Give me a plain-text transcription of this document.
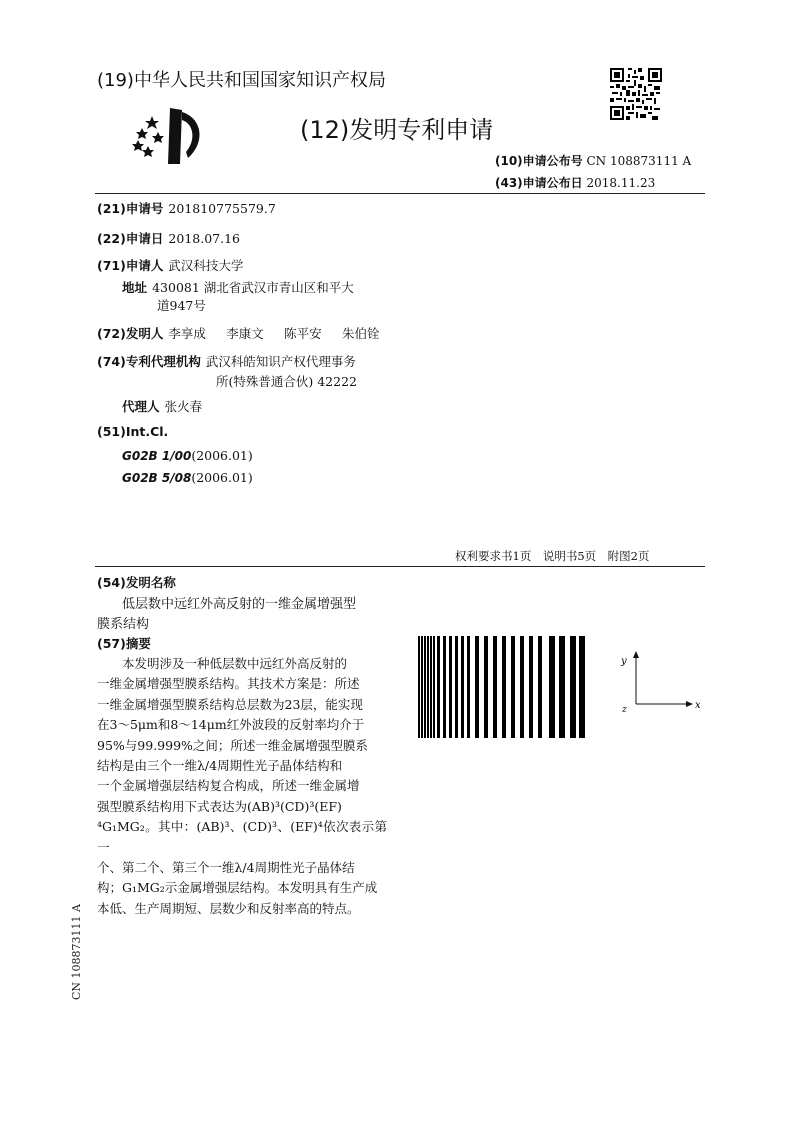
(19)中华人民共和国国家知识产权局
(12)发明专利申请
(10)申请公布号 CN 108873111 A
(43)申请公布日 2018.11.23
(21)申请号 201810775579.7
(22)申请日 2018.07.16
(71)申请人 武汉科技大学
地址 430081 湖北省武汉市青山区和平大
道947号
(72)发明人 李享成 李康文 陈平安 朱伯铨
(74)专利代理机构 武汉科皓知识产权代理事务
所(特殊普通合伙) 42222
代理人 张火春
(51)Int.Cl.
G02B 1/00(2006.01)
G02B 5/08(2006.01)
权利要求书1页　说明书5页　附图2页
(54)发明名称
低层数中远红外高反射的一维金属增强型
膜系结构
(57)摘要
本发明涉及一种低层数中远红外高反射的
一维金属增强型膜系结构。其技术方案是：所述
一维金属增强型膜系结构总层数为23层，能实现
在3～5μm和8～14μm红外波段的反射率均介于
95%与99.999%之间；所述一维金属增强型膜系
结构是由三个一维λ/4周期性光子晶体结构和
一个金属增强层结构复合构成，所述一维金属增
强型膜系结构用下式表达为(AB)³(CD)³(EF)
⁴G₁MG₂。其中：(AB)³、(CD)³、(EF)⁴依次表示第一
个、第二个、第三个一维λ/4周期性光子晶体结
构；G₁MG₂示金属增强层结构。本发明具有生产成
本低、生产周期短、层数少和反射率高的特点。
y
x
z
CN 108873111 A
